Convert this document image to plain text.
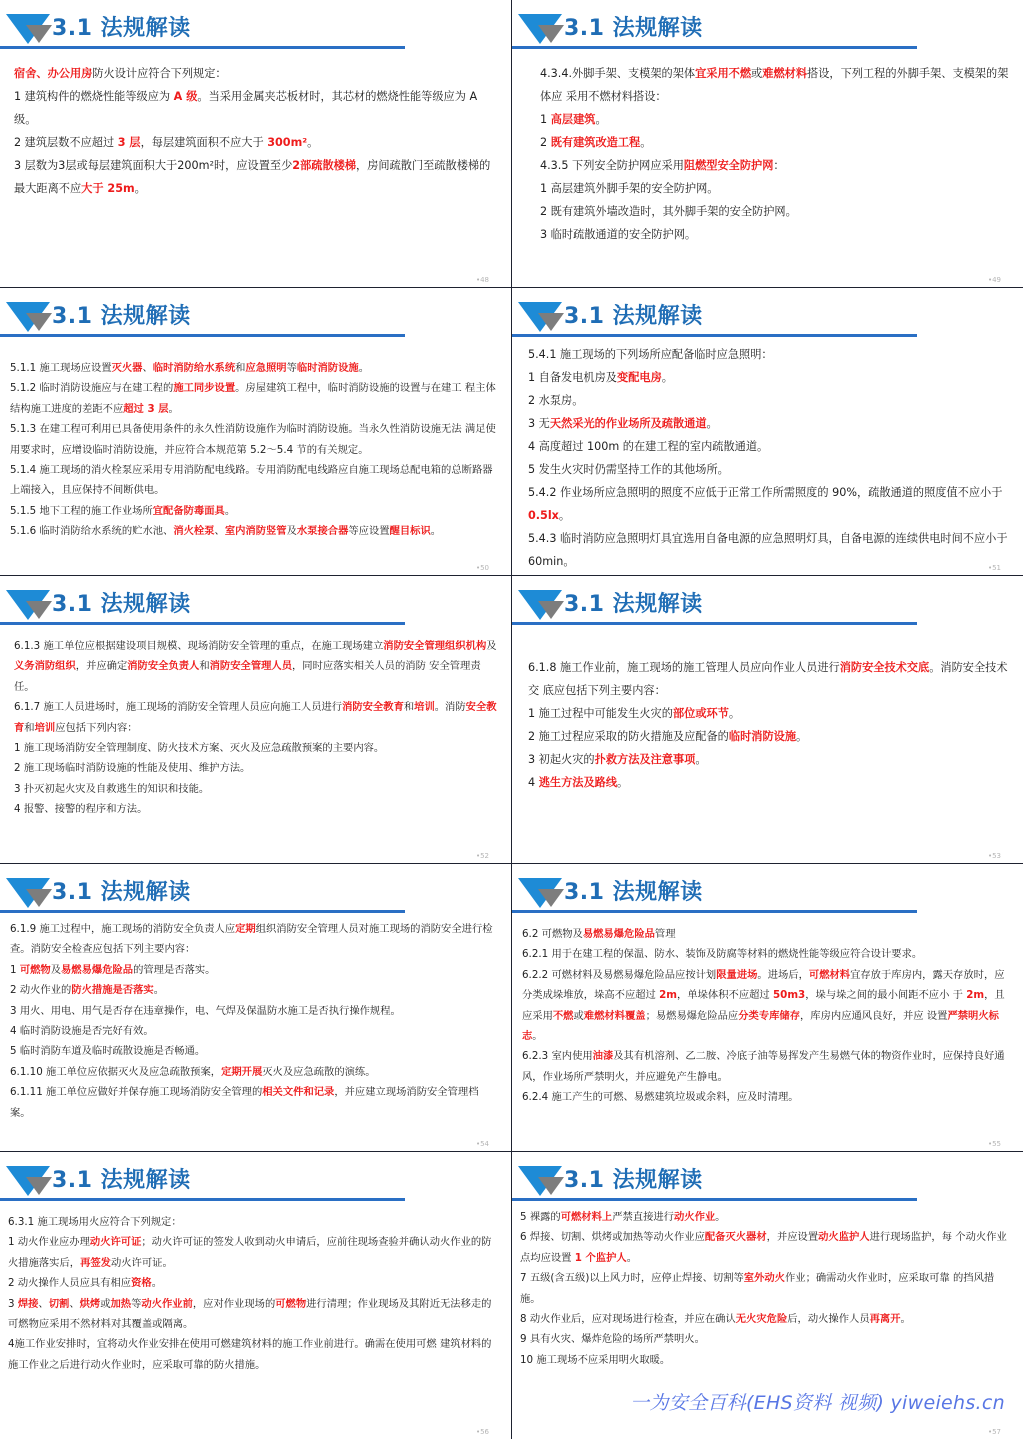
3.1 法规解读
宿舍、办公用房防火设计应符合下列规定：
1 建筑构件的燃烧性能等级应为 A 级。当采用金属夹芯板材时，其芯材的燃烧性能等级应为 A 级。
2 建筑层数不应超过 3 层，每层建筑面积不应大于 300m²。
3 层数为3层或每层建筑面积大于200m²时，应设置至少2部疏散楼梯，房间疏散门至疏散楼梯的最大距离不应大于 25m。
•48
3.1 法规解读
4.3.4.外脚手架、支模架的架体宜采用不燃或难燃材料搭设，下列工程的外脚手架、支模架的架体应 采用不燃材料搭设：
1 高层建筑。
2 既有建筑改造工程。
4.3.5 下列安全防护网应采用阻燃型安全防护网：
1 高层建筑外脚手架的安全防护网。
2 既有建筑外墙改造时，其外脚手架的安全防护网。
3 临时疏散通道的安全防护网。
•49
3.1 法规解读
5.1.1 施工现场应设置灭火器、临时消防给水系统和应急照明等临时消防设施。
5.1.2 临时消防设施应与在建工程的施工同步设置。房屋建筑工程中，临时消防设施的设置与在建工 程主体结构施工进度的差距不应超过 3 层。
5.1.3 在建工程可利用已具备使用条件的永久性消防设施作为临时消防设施。当永久性消防设施无法 满足使用要求时，应增设临时消防设施，并应符合本规范第 5.2～5.4 节的有关规定。
5.1.4 施工现场的消火栓泵应采用专用消防配电线路。专用消防配电线路应自施工现场总配电箱的总断路器上端接入，且应保持不间断供电。
5.1.5 地下工程的施工作业场所宜配备防毒面具。
5.1.6 临时消防给水系统的贮水池、消火栓泵、室内消防竖管及水泵接合器等应设置醒目标识。
•50
3.1 法规解读
5.4.1 施工现场的下列场所应配备临时应急照明：
1 自备发电机房及变配电房。
2 水泵房。
3 无天然采光的作业场所及疏散通道。
4 高度超过 100m 的在建工程的室内疏散通道。
5 发生火灾时仍需坚持工作的其他场所。
5.4.2 作业场所应急照明的照度不应低于正常工作所需照度的 90%，疏散通道的照度值不应小于 0.5lx。
5.4.3 临时消防应急照明灯具宜选用自备电源的应急照明灯具，自备电源的连续供电时间不应小于 60min。	•51
3.1 法规解读
6.1.3 施工单位应根据建设项目规模、现场消防安全管理的重点，在施工现场建立消防安全管理组织机构及义务消防组织，并应确定消防安全负责人和消防安全管理人员，同时应落实相关人员的消防 安全管理责任。
6.1.7 施工人员进场时，施工现场的消防安全管理人员应向施工人员进行消防安全教育和培训。消防安全教育和培训应包括下列内容：
1 施工现场消防安全管理制度、防火技术方案、灭火及应急疏散预案的主要内容。
2 施工现场临时消防设施的性能及使用、维护方法。
3 扑灭初起火灾及自救逃生的知识和技能。
4 报警、接警的程序和方法。
•52
3.1 法规解读
6.1.8 施工作业前，施工现场的施工管理人员应向作业人员进行消防安全技术交底。消防安全技术交 底应包括下列主要内容：
1 施工过程中可能发生火灾的部位或环节。
2 施工过程应采取的防火措施及应配备的临时消防设施。
3 初起火灾的扑救方法及注意事项。
4 逃生方法及路线。
•53
3.1 法规解读
6.1.9 施工过程中，施工现场的消防安全负责人应定期组织消防安全管理人员对施工现场的消防安全进行检查。消防安全检查应包括下列主要内容：
1 可燃物及易燃易爆危险品的管理是否落实。
2 动火作业的防火措施是否落实。
3 用火、用电、用气是否存在违章操作，电、气焊及保温防水施工是否执行操作规程。
4 临时消防设施是否完好有效。
5 临时消防车道及临时疏散设施是否畅通。
6.1.10 施工单位应依据灭火及应急疏散预案，定期开展灭火及应急疏散的演练。
6.1.11 施工单位应做好并保存施工现场消防安全管理的相关文件和记录，并应建立现场消防安全管理档案。
•54
3.1 法规解读
6.2 可燃物及易燃易爆危险品管理
6.2.1 用于在建工程的保温、防水、装饰及防腐等材料的燃烧性能等级应符合设计要求。
6.2.2 可燃材料及易燃易爆危险品应按计划限量进场。进场后，可燃材料宜存放于库房内，露天存放时，应分类成垛堆放，垛高不应超过 2m，单垛体积不应超过 50m3，垛与垛之间的最小间距不应小 于 2m，且应采用不燃或难燃材料覆盖；易燃易爆危险品应分类专库储存，库房内应通风良好，并应 设置严禁明火标志。
6.2.3 室内使用油漆及其有机溶剂、乙二胺、冷底子油等易挥发产生易燃气体的物资作业时，应保持良好通风，作业场所严禁明火，并应避免产生静电。
6.2.4 施工产生的可燃、易燃建筑垃圾或余料，应及时清理。
•55
3.1 法规解读
6.3.1 施工现场用火应符合下列规定：
1 动火作业应办理动火许可证；动火许可证的签发人收到动火申请后，应前往现场查验并确认动火作业的防火措施落实后，再签发动火许可证。
2 动火操作人员应具有相应资格。
3 焊接、切割、烘烤或加热等动火作业前，应对作业现场的可燃物进行清理；作业现场及其附近无法移走的可燃物应采用不然材料对其覆盖或隔离。
4施工作业安排时，宜将动火作业安排在使用可燃建筑材料的施工作业前进行。确需在使用可燃 建筑材料的施工作业之后进行动火作业时，应采取可靠的防火措施。
•56
3.1 法规解读
一为安全百科(EHS资料 视频) yiweiehs.cn
5 裸露的可燃材料上严禁直接进行动火作业。
6 焊接、切割、烘烤或加热等动火作业应配备灭火器材，并应设置动火监护人进行现场监护，每 个动火作业点均应设置 1 个监护人。
7 五级(含五级)以上风力时，应停止焊接、切割等室外动火作业；确需动火作业时，应采取可靠 的挡风措施。
8 动火作业后，应对现场进行检查，并应在确认无火灾危险后，动火操作人员再离开。
9 具有火灾、爆炸危险的场所严禁明火。
10 施工现场不应采用明火取暖。
•57
